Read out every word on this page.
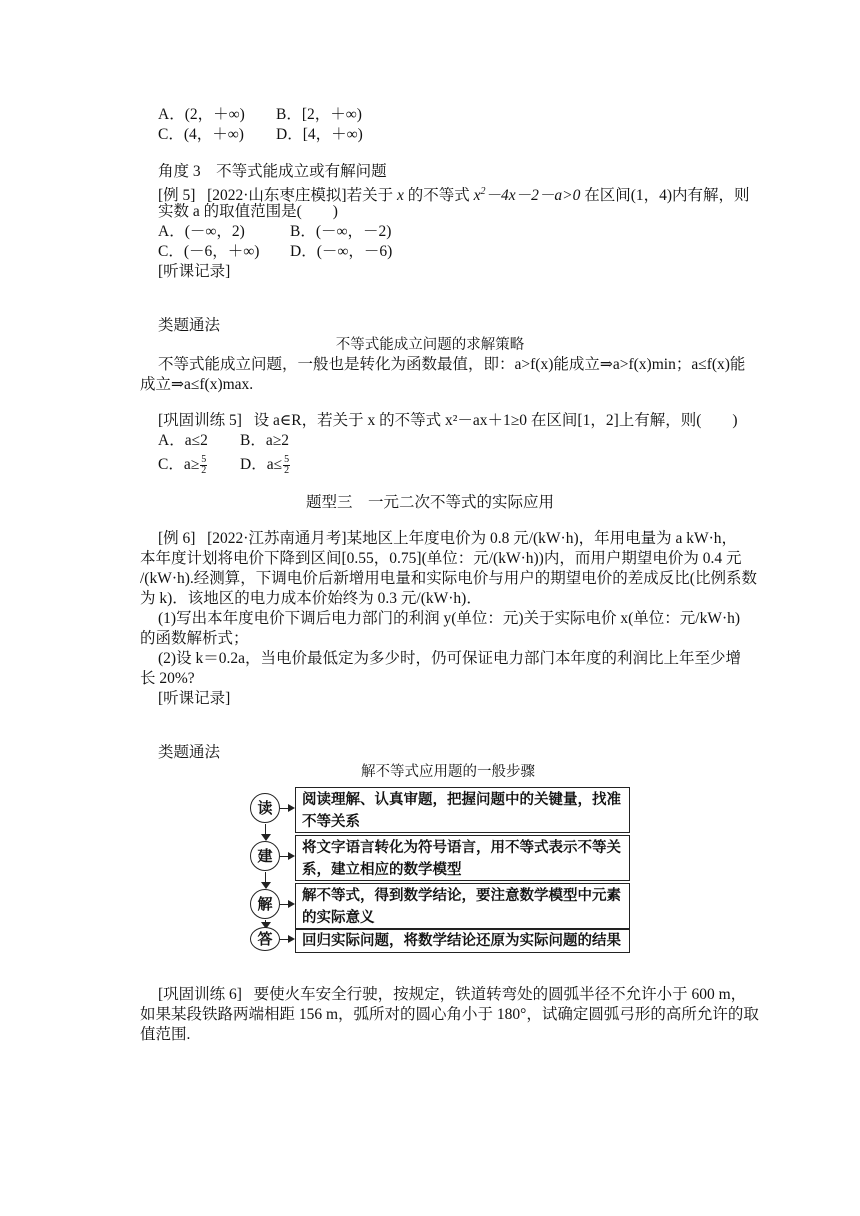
A．(2，＋∞) B．[2，＋∞)
C．(4，＋∞) D．[4，＋∞)
角度 3　不等式能成立或有解问题
[例 5] [2022·山东枣庄模拟]若关于 x 的不等式 $x^2-4x-2-a>0$ 在区间(1，4)内有解，则
实数 a 的取值范围是(　　)
A．(－∞，2)	B．(－∞，－2)
C．(－6，＋∞) D．(－∞，－6)
[听课记录]
类题通法
不等式能成立问题的求解策略
不等式能成立问题，一般也是转化为函数最值，即：a>f(x)能成立⇒a>f(x)min；a≤f(x)能
成立⇒a≤f(x)max.
[巩固训练 5] 设 a∈R，若关于 x 的不等式 x²－ax＋1≥0 在区间[1，2]上有解，则(　　)
A．a≤2 B．a≥2
C．$a\ge \frac{5}{2}$ D．$a\le \frac{5}{2}$
题型三　一元二次不等式的实际应用
[例 6] [2022·江苏南通月考]某地区上年度电价为 0.8 元/(kW·h)，年用电量为 a kW·h，
本年度计划将电价下降到区间[0.55，0.75](单位：元/(kW·h))内，而用户期望电价为 0.4 元
/(kW·h).经测算，下调电价后新增用电量和实际电价与用户的期望电价的差成反比(比例系数
为 k)．该地区的电力成本价始终为 0.3 元/(kW·h)．
(1)写出本年度电价下调后电力部门的利润 y(单位：元)关于实际电价 x(单位：元/kW·h)
的函数解析式；
(2)设 k＝0.2a，当电价最低定为多少时，仍可保证电力部门本年度的利润比上年至少增
长 20%?
[听课记录]
类题通法
解不等式应用题的一般步骤
读	阅读理解、认真审题，把握问题中的关键量，找准不等关系
建	将文字语言转化为符号语言，用不等式表示不等关系，建立相应的数学模型
解	解不等式，得到数学结论，要注意数学模型中元素的实际意义
答	回归实际问题，将数学结论还原为实际问题的结果
[巩固训练 6] 要使火车安全行驶，按规定，铁道转弯处的圆弧半径不允许小于 600 m，
如果某段铁路两端相距 156 m，弧所对的圆心角小于 180°，试确定圆弧弓形的高所允许的取
值范围.
